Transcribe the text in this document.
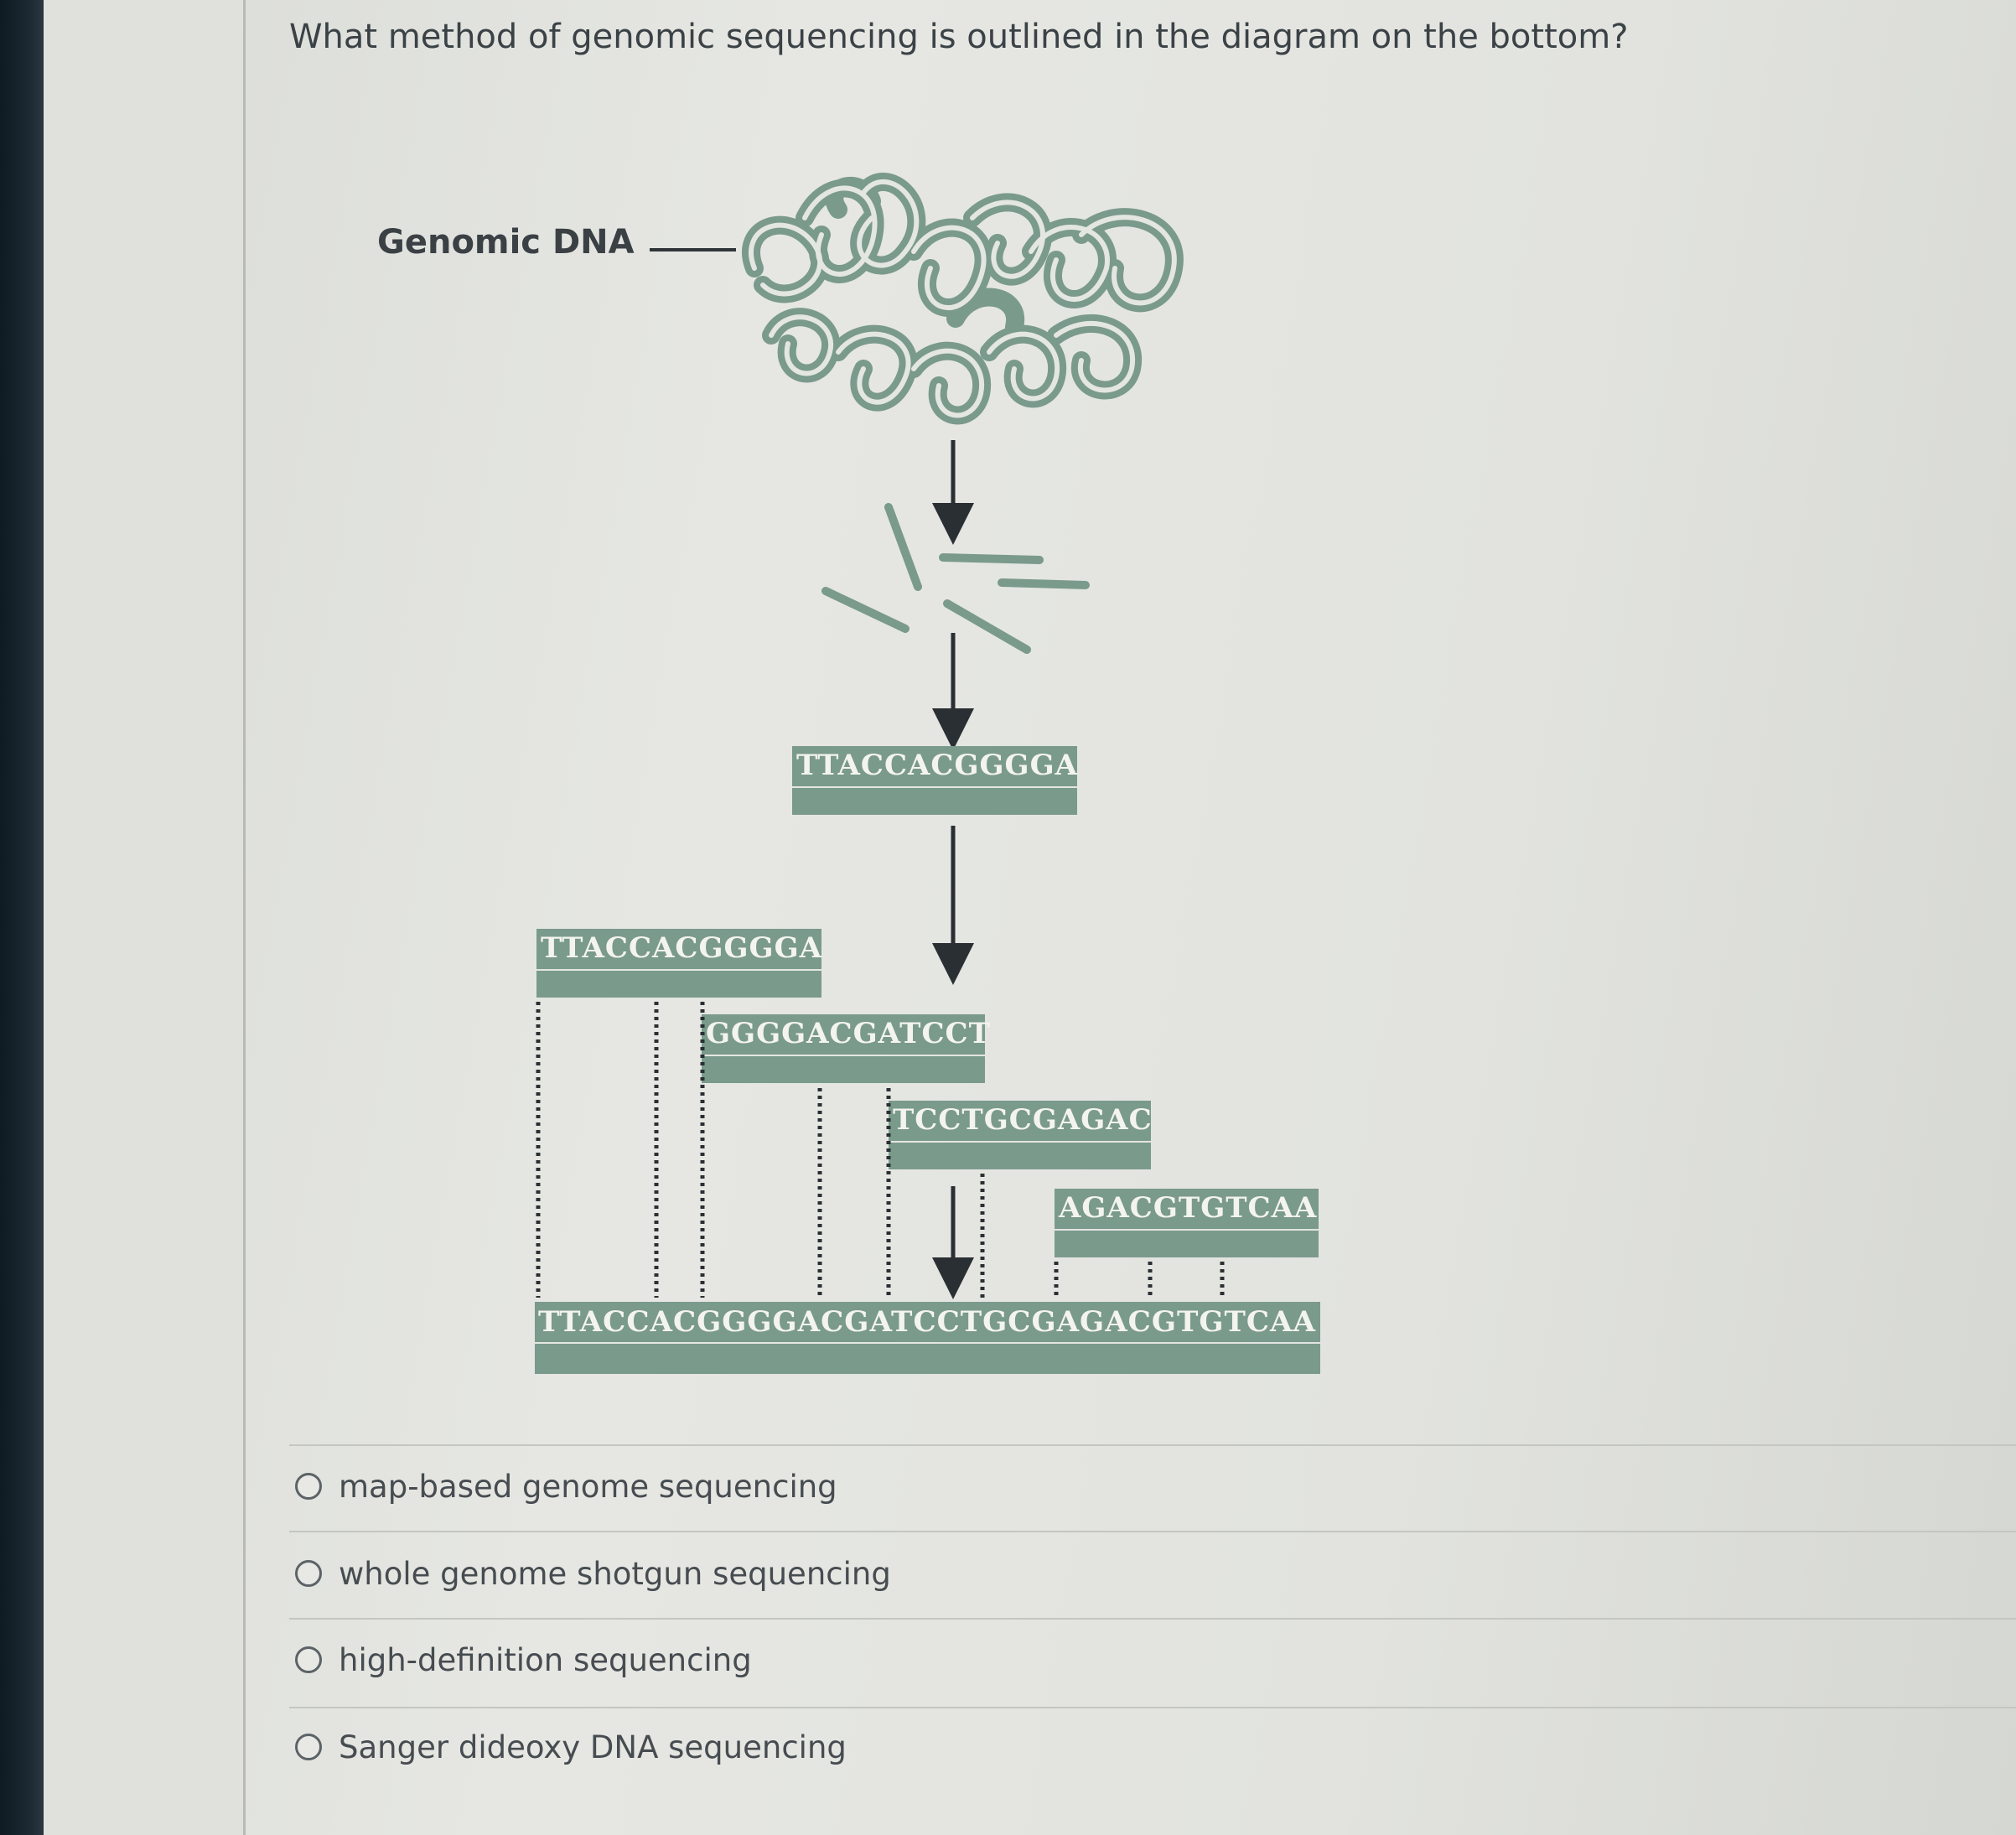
What method of genomic sequencing is outlined in the diagram on the bottom?
Genomic DNA
TTACCACGGGGA
TTACCACGGGGA
GGGGACGATCCT
TCCTGCGAGAC
AGACGTGTCAA
TTACCACGGGGACGATCCTGCGAGACGTGTCAA
map-based genome sequencing
whole genome shotgun sequencing
high-definition sequencing
Sanger dideoxy DNA sequencing
